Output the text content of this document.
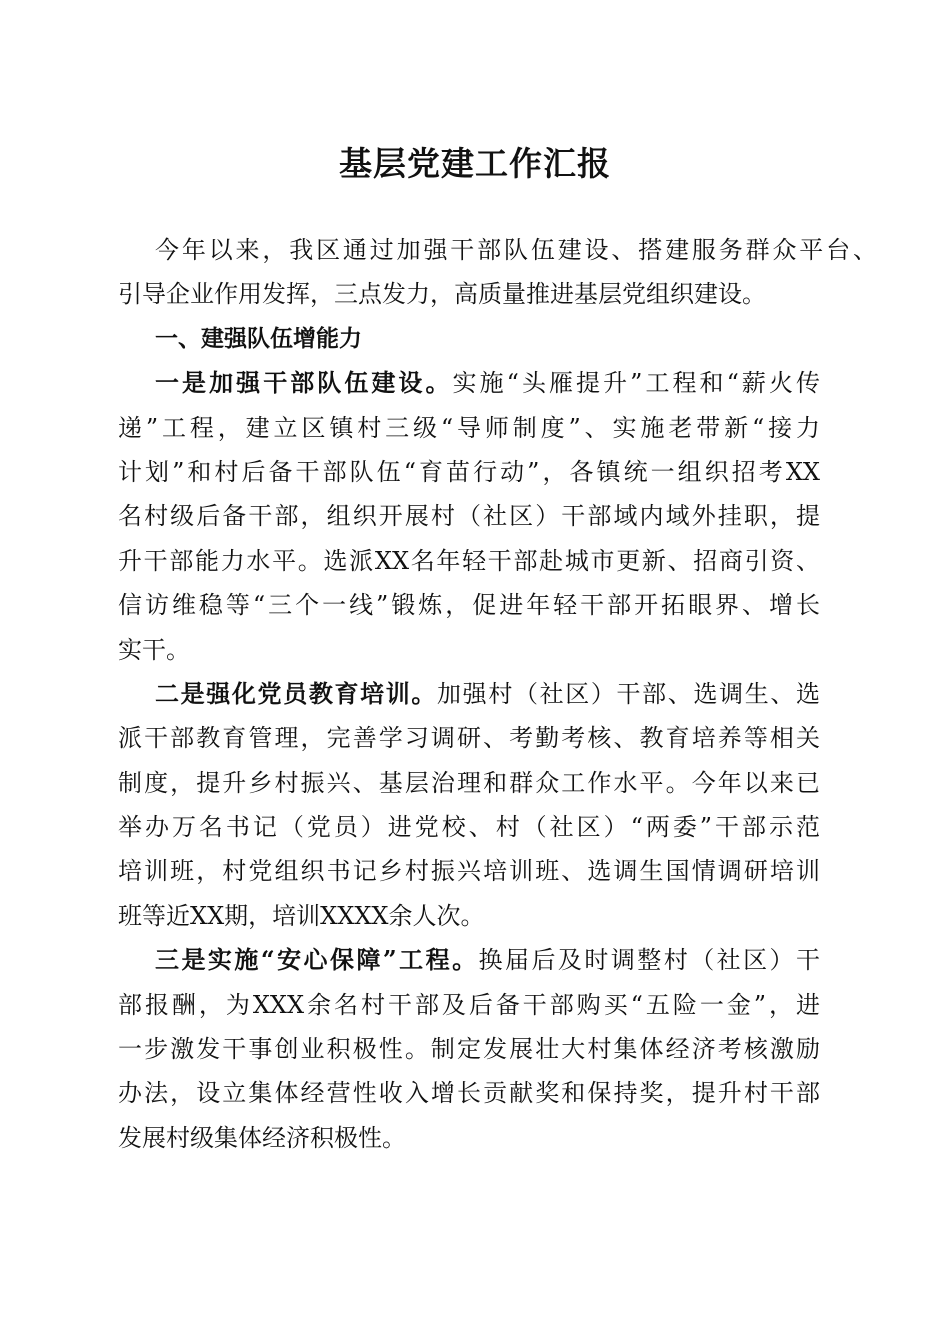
基层党建工作汇报
今年以来，我区通过加强干部队伍建设、搭建服务群众平台、
引导企业作用发挥，三点发力，高质量推进基层党组织建设。
一、建强队伍增能力
一是加强干部队伍建设。实施“头雁提升”工程和“薪火传
递”工程，建立区镇村三级“导师制度”、实施老带新“接力
计划”和村后备干部队伍“育苗行动”，各镇统一组织招考XX
名村级后备干部，组织开展村（社区）干部域内域外挂职，提
升干部能力水平。选派XX名年轻干部赴城市更新、招商引资、
信访维稳等“三个一线”锻炼，促进年轻干部开拓眼界、增长
实干。
二是强化党员教育培训。加强村（社区）干部、选调生、选
派干部教育管理，完善学习调研、考勤考核、教育培养等相关
制度，提升乡村振兴、基层治理和群众工作水平。今年以来已
举办万名书记（党员）进党校、村（社区）“两委”干部示范
培训班，村党组织书记乡村振兴培训班、选调生国情调研培训
班等近XX期，培训XXXX余人次。
三是实施“安心保障”工程。换届后及时调整村（社区）干
部报酬，为XXX余名村干部及后备干部购买“五险一金”，进
一步激发干事创业积极性。制定发展壮大村集体经济考核激励
办法，设立集体经营性收入增长贡献奖和保持奖，提升村干部
发展村级集体经济积极性。
